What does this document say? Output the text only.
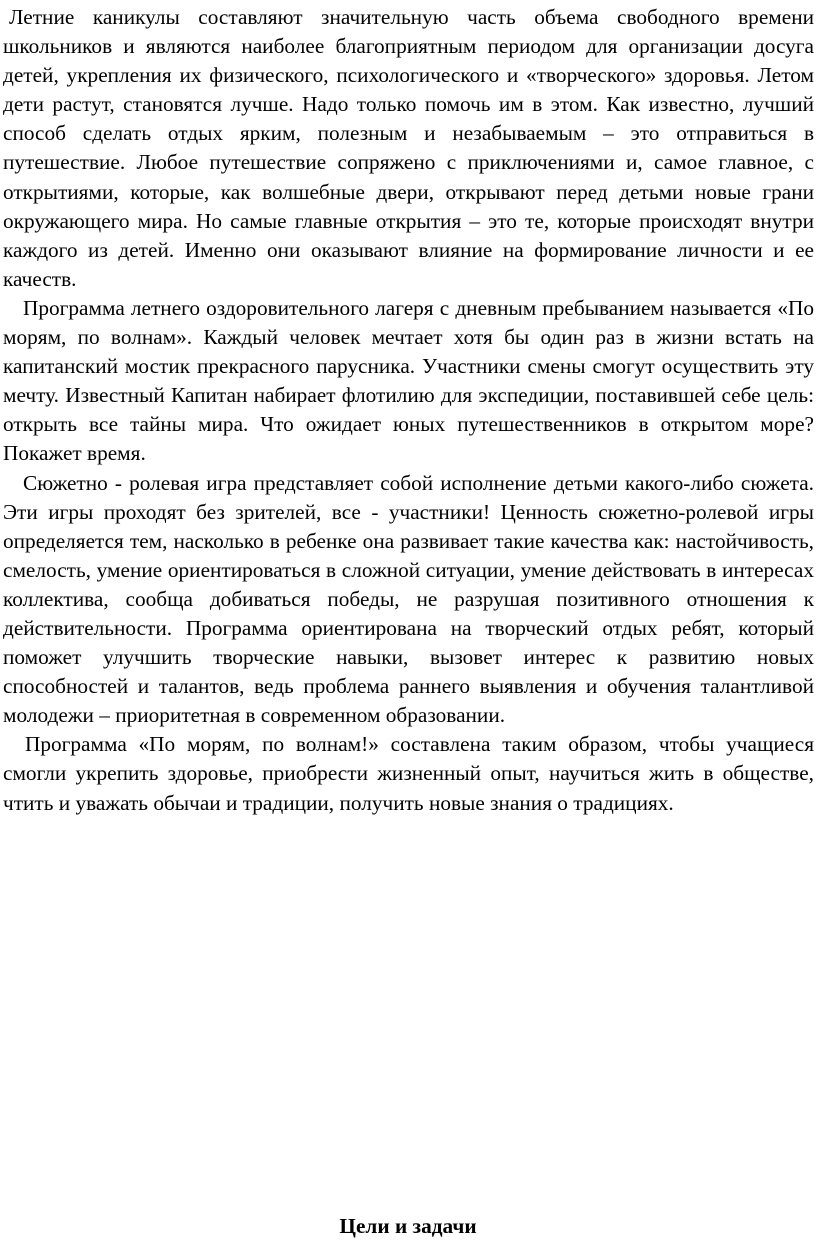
Летние каникулы составляют значительную часть объема свободного времени школьников и являются наиболее благоприятным периодом для организации досуга детей, укрепления их физического, психологического и «творческого» здоровья. Летом дети растут, становятся лучше. Надо только помочь им в этом. Как известно, лучший способ сделать отдых ярким, полезным и незабываемым – это отправиться в путешествие. Любое путешествие сопряжено с приключениями и, самое главное, с открытиями, которые, как волшебные двери, открывают перед детьми новые грани окружающего мира. Но самые главные открытия – это те, которые происходят внутри каждого из детей. Именно они оказывают влияние на формирование личности и ее качеств.

Программа летнего оздоровительного лагеря с дневным пребыванием называется «По морям, по волнам». Каждый человек мечтает хотя бы один раз в жизни встать на капитанский мостик прекрасного парусника. Участники смены смогут осуществить эту мечту. Известный Капитан набирает флотилию для экспедиции, поставившей себе цель: открыть все тайны мира. Что ожидает юных путешественников в открытом море? Покажет время.

Сюжетно - ролевая игра представляет собой исполнение детьми какого-либо сюжета. Эти игры проходят без зрителей, все - участники! Ценность сюжетно-ролевой игры определяется тем, насколько в ребенке она развивает такие качества как: настойчивость, смелость, умение ориентироваться в сложной ситуации, умение действовать в интересах коллектива, сообща добиваться победы, не разрушая позитивного отношения к действительности. Программа ориентирована на творческий отдых ребят, который поможет улучшить творческие навыки, вызовет интерес к развитию новых способностей и талантов, ведь проблема раннего выявления и обучения талантливой молодежи – приоритетная в современном образовании.

Программа «По морям, по волнам!» составлена таким образом, чтобы учащиеся смогли укрепить здоровье, приобрести жизненный опыт, научиться жить в обществе, чтить и уважать обычаи и традиции, получить новые знания о традициях.

Цели и задачи
